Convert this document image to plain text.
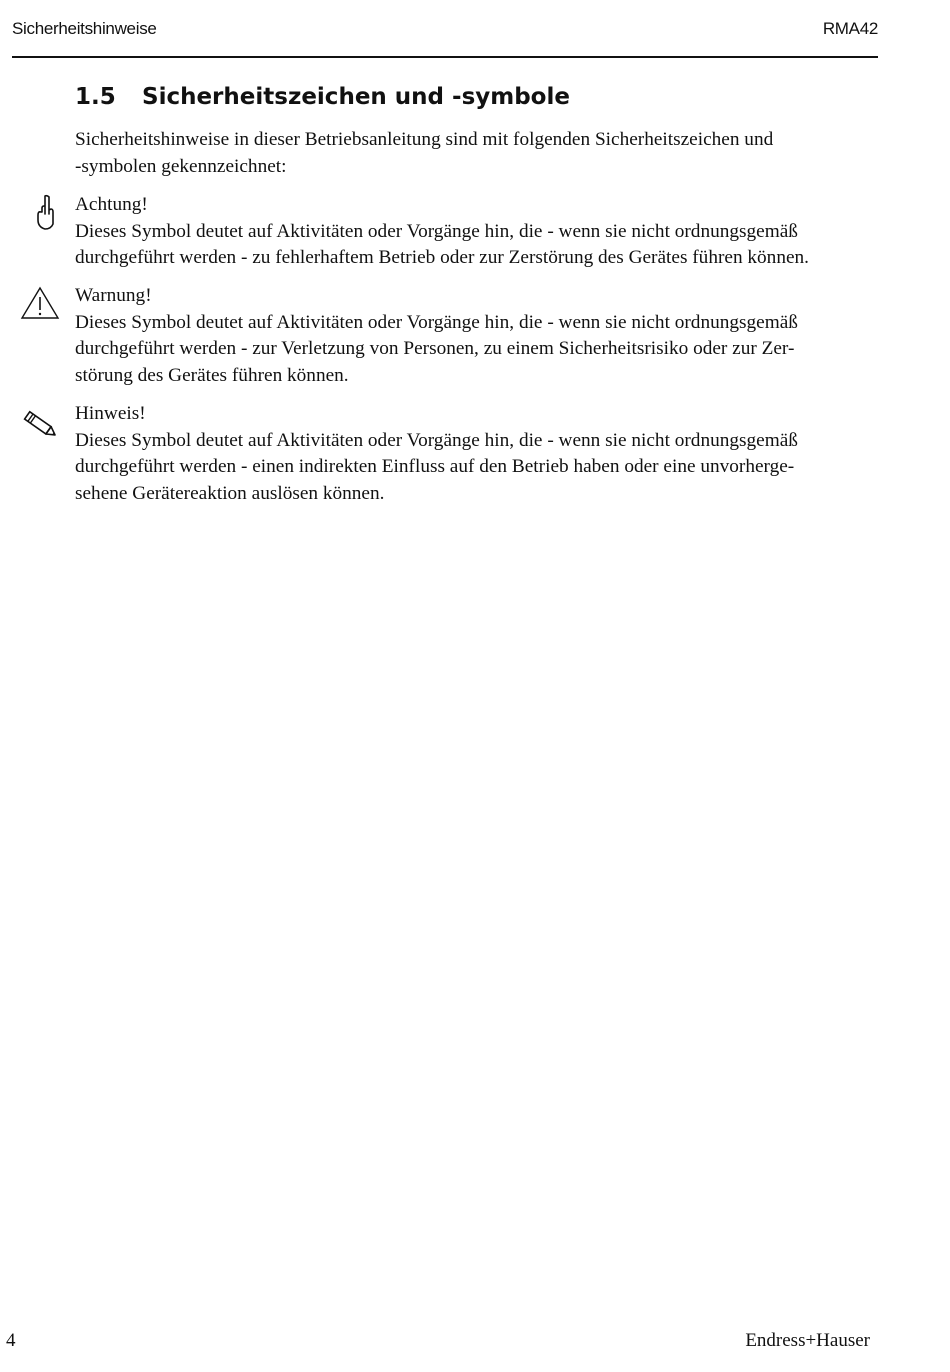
Sicherheitshinweise	RMA42
1.5 Sicherheitszeichen und -symbole

Sicherheitshinweise in dieser Betriebsanleitung sind mit folgenden Sicherheitszeichen und
-symbolen gekennzeichnet:

Achtung!
Dieses Symbol deutet auf Aktivitäten oder Vorgänge hin, die - wenn sie nicht ordnungsgemäß
durchgeführt werden - zu fehlerhaftem Betrieb oder zur Zerstörung des Gerätes führen können.

Warnung!
Dieses Symbol deutet auf Aktivitäten oder Vorgänge hin, die - wenn sie nicht ordnungsgemäß
durchgeführt werden - zur Verletzung von Personen, zu einem Sicherheitsrisiko oder zur Zer-
störung des Gerätes führen können.

Hinweis!
Dieses Symbol deutet auf Aktivitäten oder Vorgänge hin, die - wenn sie nicht ordnungsgemäß
durchgeführt werden - einen indirekten Einfluss auf den Betrieb haben oder eine unvorherge-
sehene Gerätereaktion auslösen können.

4	Endress+Hauser
